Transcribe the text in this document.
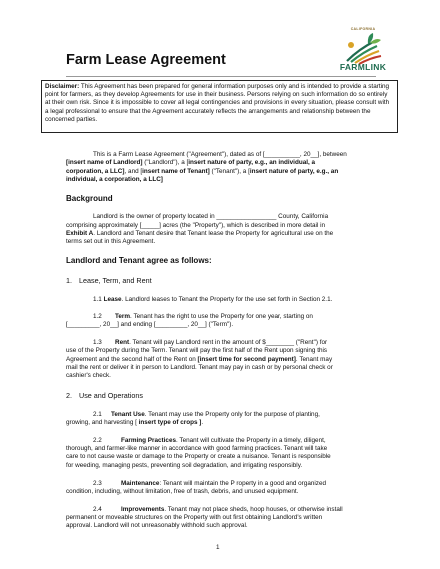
Farm Lease Agreement
CALIFORNIA
FARMLINK
Disclaimer: This Agreement has been prepared for general information purposes only and is intended to provide a starting point for farmers, as they develop Agreements for use in their business. Persons relying on such information do so entirely at their own risk. Since it is impossible to cover all legal contingencies and provisions in every situation, please consult with a legal professional to ensure that the Agreement accurately reflects the arrangements and relationship between the concerned parties.
This is a Farm Lease Agreement ("Agreement"), dated as of [__________, 20__], between
[insert name of Landlord] ("Landlord"), a [insert nature of party, e.g., an individual, a
corporation, a LLC], and [insert name of Tenant] ("Tenant"), a [insert nature of party, e.g., an
individual, a corporation, a LLC]
Background
Landlord is the owner of property located in _________________ County, California
comprising approximately [_____] acres (the "Property"), which is described in more detail in
Exhibit A. Landlord and Tenant desire that Tenant lease the Property for agricultural use on the
terms set out in this Agreement.
Landlord and Tenant agree as follows:
1. Lease, Term, and Rent
1.1 Lease. Landlord leases to Tenant the Property for the use set forth in Section 2.1.
1.2 Term. Tenant has the right to use the Property for one year, starting on
[_________, 20__] and ending [_________, 20__] ("Term").
1.3 Rent. Tenant will pay Landlord rent in the amount of $________ ("Rent") for
use of the Property during the Term. Tenant will pay the first half of the Rent upon signing this
Agreement and the second half of the Rent on [insert time for second payment]. Tenant may
mail the rent or deliver it in person to Landlord. Tenant may pay in cash or by personal check or
cashier's check.
2. Use and Operations
2.1 Tenant Use. Tenant may use the Property only for the purpose of planting,
growing, and harvesting [ insert type of crops ].
2.2	Farming Practices. Tenant will cultivate the Property in a timely, diligent,
thorough, and farmer-like manner in accordance with good farming practices. Tenant will take
care to not cause waste or damage to the Property or create a nuisance. Tenant is responsible
for weeding, managing pests, preventing soil degradation, and irrigating responsibly.
2.3	Maintenance: Tenant will maintain the P roperty in a good and organized
condition, including, without limitation, free of trash, debris, and unused equipment.
2.4	Improvements. Tenant may not place sheds, hoop houses, or otherwise install
permanent or moveable structures on the Property with out first obtaining Landlord's written
approval. Landlord will not unreasonably withhold such approval.
1
